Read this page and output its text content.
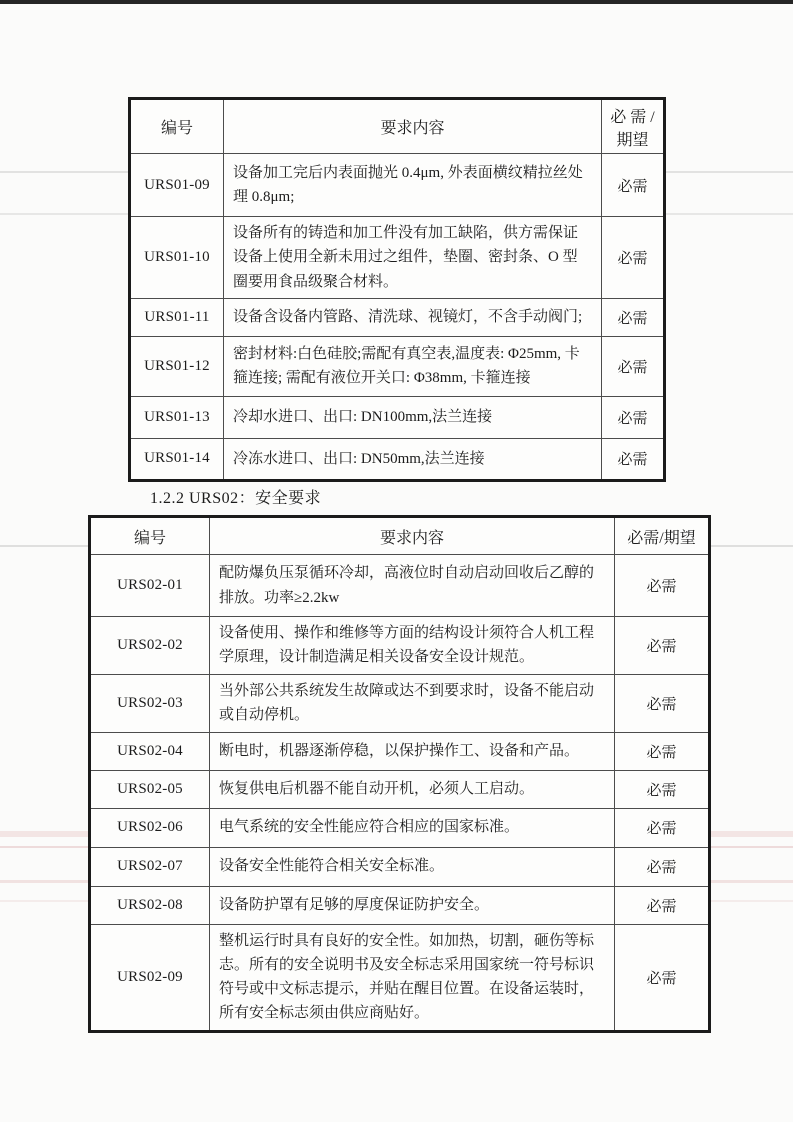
编号	要求内容	必 需 /期望
URS01-09	设备加工完后内表面抛光 0.4μm, 外表面横纹精拉丝处理 0.8μm;	必需
URS01-10	设备所有的铸造和加工件没有加工缺陷，供方需保证设备上使用全新未用过之组件，垫圈、密封条、O 型圈要用食品级聚合材料。	必需
URS01-11	设备含设备内管路、清洗球、视镜灯，不含手动阀门;	必需
URS01-12	密封材料:白色硅胶;需配有真空表,温度表: Φ25mm, 卡箍连接; 需配有液位开关口: Φ38mm, 卡箍连接	必需
URS01-13	冷却水进口、出口: DN100mm,法兰连接	必需
URS01-14	冷冻水进口、出口: DN50mm,法兰连接	必需
1.2.2 URS02：安全要求
编号	要求内容	必需/期望
URS02-01	配防爆负压泵循环冷却，高液位时自动启动回收后乙醇的排放。功率≥2.2kw	必需
URS02-02	设备使用、操作和维修等方面的结构设计须符合人机工程学原理，设计制造满足相关设备安全设计规范。	必需
URS02-03	当外部公共系统发生故障或达不到要求时，设备不能启动或自动停机。	必需
URS02-04	断电时，机器逐渐停稳，以保护操作工、设备和产品。	必需
URS02-05	恢复供电后机器不能自动开机，必须人工启动。	必需
URS02-06	电气系统的安全性能应符合相应的国家标准。	必需
URS02-07	设备安全性能符合相关安全标准。	必需
URS02-08	设备防护罩有足够的厚度保证防护安全。	必需
URS02-09	整机运行时具有良好的安全性。如加热，切割，砸伤等标志。所有的安全说明书及安全标志采用国家统一符号标识符号或中文标志提示，并贴在醒目位置。在设备运装时，所有安全标志须由供应商贴好。	必需
